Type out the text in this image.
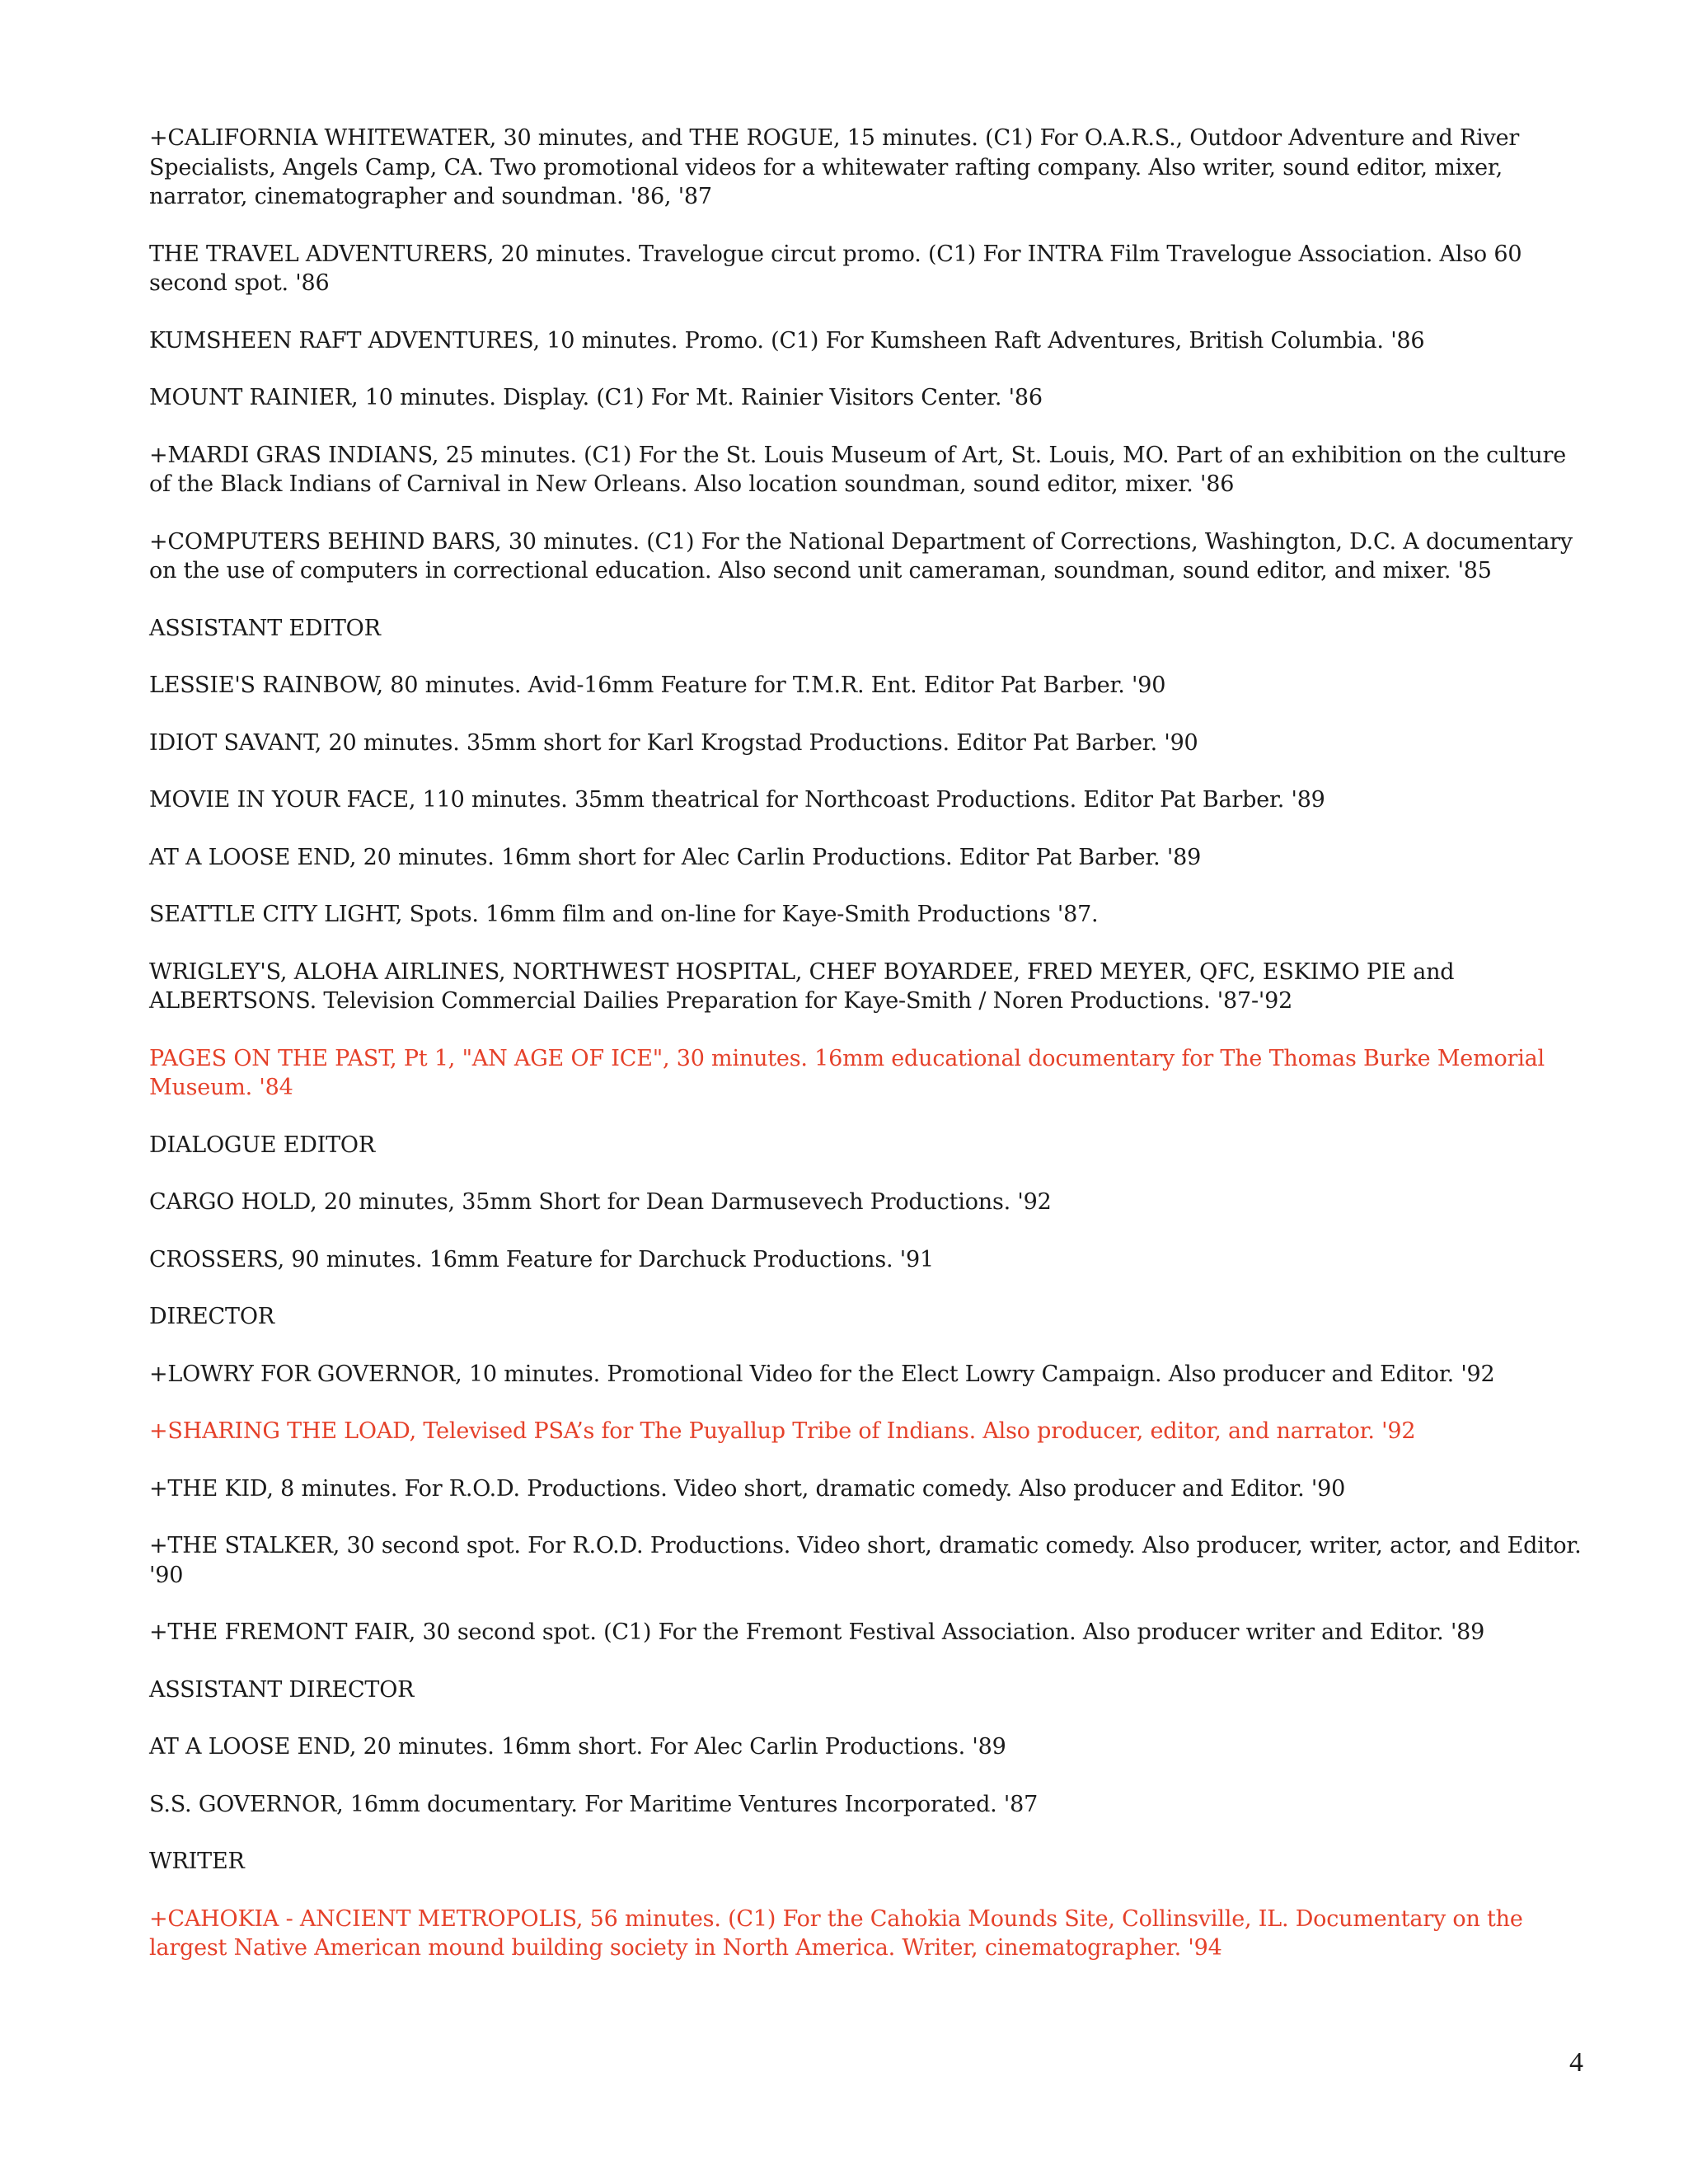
+CALIFORNIA WHITEWATER, 30 minutes, and THE ROGUE, 15 minutes. (C1) For O.A.R.S., Outdoor Adventure and River Specialists, Angels Camp, CA. Two promotional videos for a whitewater rafting company. Also writer, sound editor, mixer, narrator, cinematographer and soundman. '86, '87

THE TRAVEL ADVENTURERS, 20 minutes. Travelogue circut promo. (C1) For INTRA Film Travelogue Association. Also 60 second spot. '86

KUMSHEEN RAFT ADVENTURES, 10 minutes. Promo. (C1) For Kumsheen Raft Adventures, British Columbia. '86

MOUNT RAINIER, 10 minutes. Display. (C1) For Mt. Rainier Visitors Center. '86

+MARDI GRAS INDIANS, 25 minutes. (C1) For the St. Louis Museum of Art, St. Louis, MO. Part of an exhibition on the culture of the Black Indians of Carnival in New Orleans. Also location soundman, sound editor, mixer. '86

+COMPUTERS BEHIND BARS, 30 minutes. (C1) For the National Department of Corrections, Washington, D.C. A documentary on the use of computers in correctional education. Also second unit cameraman, soundman, sound editor, and mixer. '85

ASSISTANT EDITOR

LESSIE'S RAINBOW, 80 minutes. Avid-16mm Feature for T.M.R. Ent. Editor Pat Barber. '90

IDIOT SAVANT, 20 minutes. 35mm short for Karl Krogstad Productions. Editor Pat Barber. '90

MOVIE IN YOUR FACE, 110 minutes. 35mm theatrical for Northcoast Productions. Editor Pat Barber. '89

AT A LOOSE END, 20 minutes. 16mm short for Alec Carlin Productions. Editor Pat Barber. '89

SEATTLE CITY LIGHT, Spots. 16mm film and on-line for Kaye-Smith Productions '87.

WRIGLEY'S, ALOHA AIRLINES, NORTHWEST HOSPITAL, CHEF BOYARDEE, FRED MEYER, QFC, ESKIMO PIE and ALBERTSONS. Television Commercial Dailies Preparation for Kaye-Smith / Noren Productions. '87-'92

PAGES ON THE PAST, Pt 1, "AN AGE OF ICE", 30 minutes. 16mm educational documentary for The Thomas Burke Memorial Museum. '84

DIALOGUE EDITOR

CARGO HOLD, 20 minutes, 35mm Short for Dean Darmusevech Productions. '92

CROSSERS, 90 minutes. 16mm Feature for Darchuck Productions. '91

DIRECTOR

+LOWRY FOR GOVERNOR, 10 minutes. Promotional Video for the Elect Lowry Campaign. Also producer and Editor. '92

+SHARING THE LOAD, Televised PSA’s for The Puyallup Tribe of Indians. Also producer, editor, and narrator. '92

+THE KID, 8 minutes. For R.O.D. Productions. Video short, dramatic comedy. Also producer and Editor. '90

+THE STALKER, 30 second spot. For R.O.D. Productions. Video short, dramatic comedy. Also producer, writer, actor, and Editor. '90

+THE FREMONT FAIR, 30 second spot. (C1) For the Fremont Festival Association. Also producer writer and Editor. '89

ASSISTANT DIRECTOR

AT A LOOSE END, 20 minutes. 16mm short. For Alec Carlin Productions. '89

S.S. GOVERNOR, 16mm documentary. For Maritime Ventures Incorporated. '87

WRITER

+CAHOKIA - ANCIENT METROPOLIS, 56 minutes. (C1) For the Cahokia Mounds Site, Collinsville, IL. Documentary on the largest Native American mound building society in North America. Writer, cinematographer. '94

4
